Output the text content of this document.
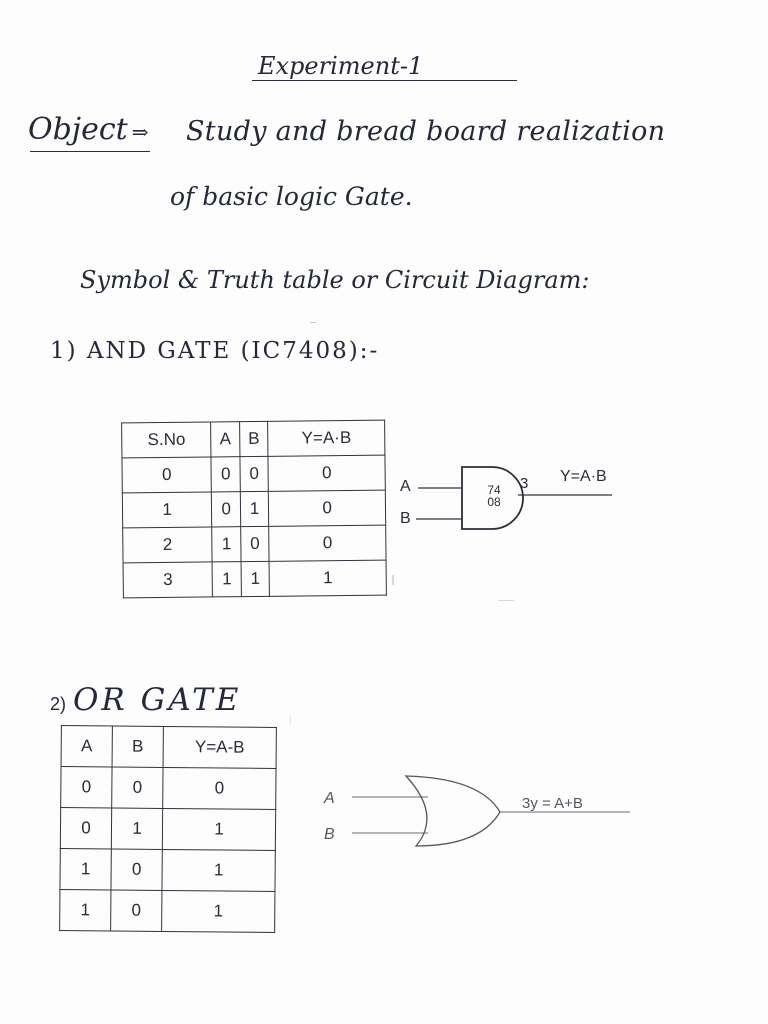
Experiment-1
Object ⇒ Study and bread board realization
of basic logic Gate.
Symbol & Truth table or Circuit Diagram:
1) AND GATE (IC7408):-
S.No	A	B	Y=A·B
0	0	0	0
1	0	1	0
2	1	0	0
3	1	1	1
A
B
74
08
3 Y=A·B
2) OR GATE
A	B	Y=A-B
0	0	0
0	1	1
1	0	1
1	0	1
A
B
3y = A+B
